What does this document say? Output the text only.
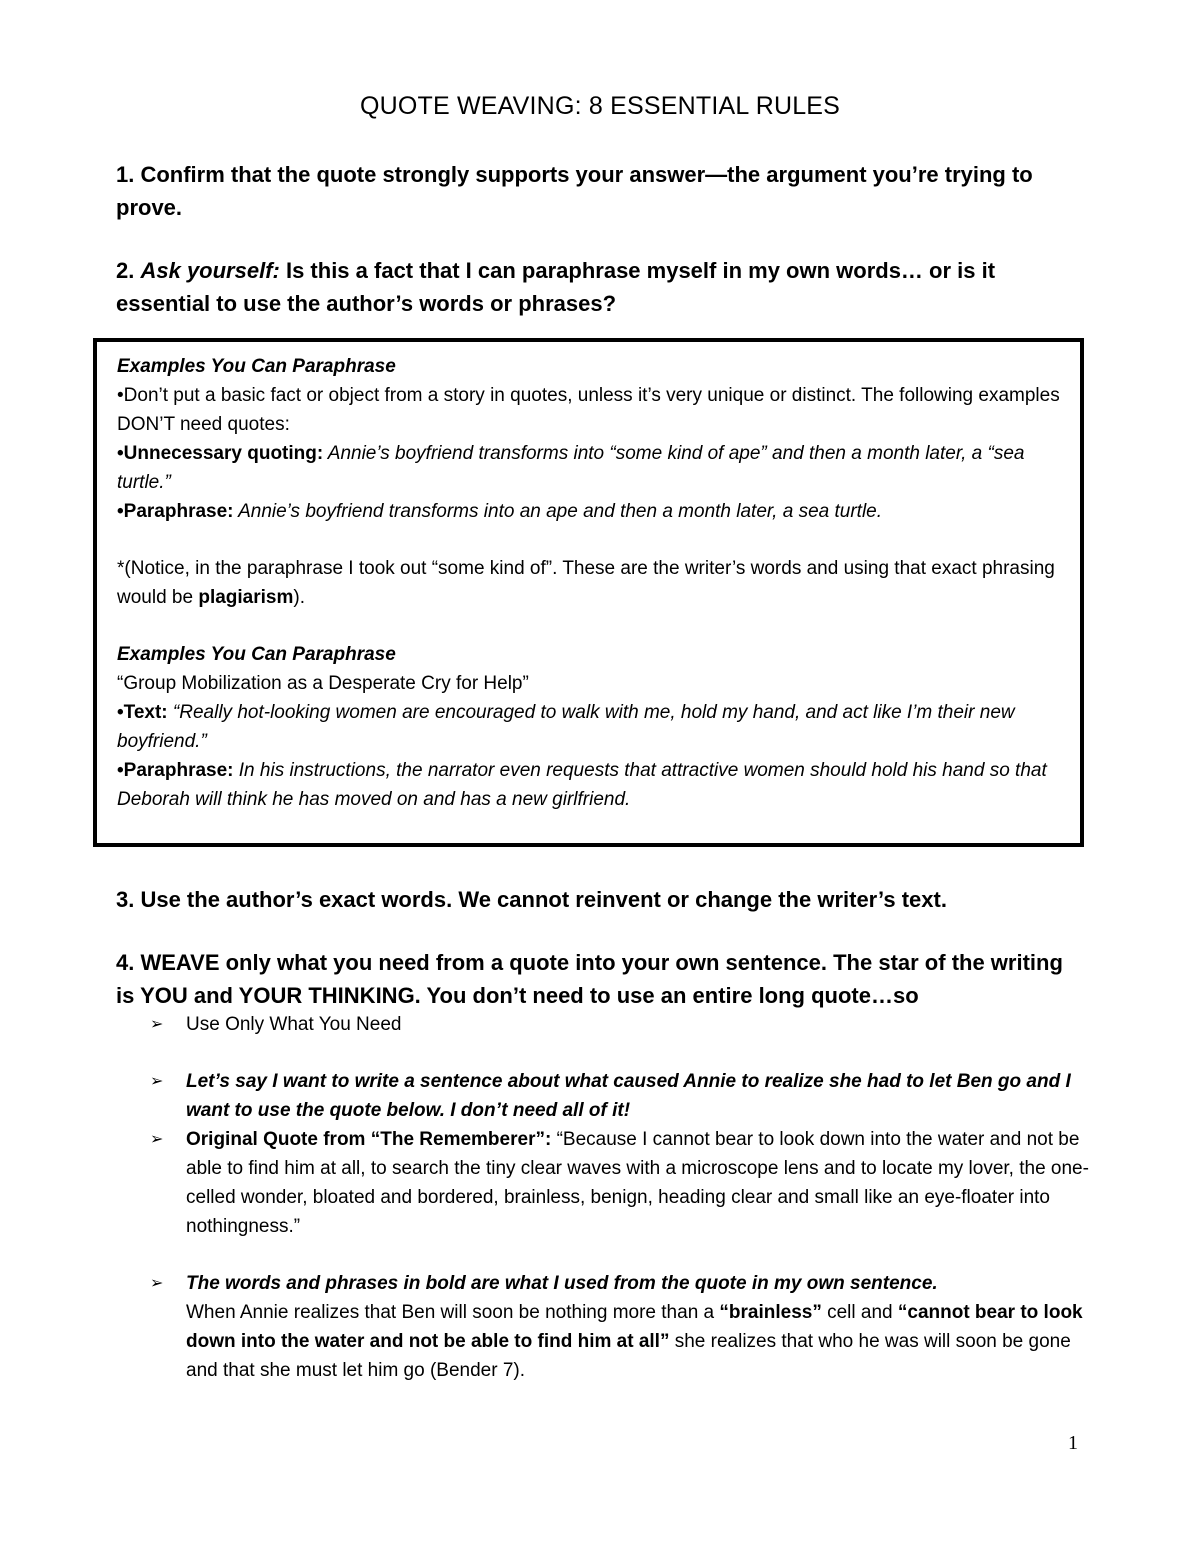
QUOTE WEAVING: 8 ESSENTIAL RULES
1. Confirm that the quote strongly supports your answer—the argument you’re trying to prove.
2. Ask yourself: Is this a fact that I can paraphrase myself in my own words… or is it essential to use the author’s words or phrases?

Examples You Can Paraphrase

•Don’t put a basic fact or object from a story in quotes, unless it’s very unique or distinct. The following examples DON’T need quotes:

•Unnecessary quoting: Annie’s boyfriend transforms into “some kind of ape” and then a month later, a “sea turtle.”

•Paraphrase: Annie’s boyfriend transforms into an ape and then a month later, a sea turtle.

*(Notice, in the paraphrase I took out “some kind of”. These are the writer’s words and using that exact phrasing would be plagiarism).

Examples You Can Paraphrase

“Group Mobilization as a Desperate Cry for Help”

•Text: “Really hot-looking women are encouraged to walk with me, hold my hand, and act like I’m their new boyfriend.”

•Paraphrase: In his instructions, the narrator even requests that attractive women should hold his hand so that Deborah will think he has moved on and has a new girlfriend.

3. Use the author’s exact words. We cannot reinvent or change the writer’s text.
4. WEAVE only what you need from a quote into your own sentence. The star of the writing is YOU and YOUR THINKING. You don’t need to use an entire long quote…so
➢ Use Only What You Need
➢ Let’s say I want to write a sentence about what caused Annie to realize she had to let Ben go and I want to use the quote below. I don’t need all of it!
➢ Original Quote from “The Rememberer”: “Because I cannot bear to look down into the water and not be able to find him at all, to search the tiny clear waves with a microscope lens and to locate my lover, the one-celled wonder, bloated and bordered, brainless, benign, heading clear and small like an eye-floater into nothingness.”
➢ The words and phrases in bold are what I used from the quote in my own sentence.
When Annie realizes that Ben will soon be nothing more than a “brainless” cell and “cannot bear to look down into the water and not be able to find him at all” she realizes that who he was will soon be gone and that she must let him go (Bender 7).
1
